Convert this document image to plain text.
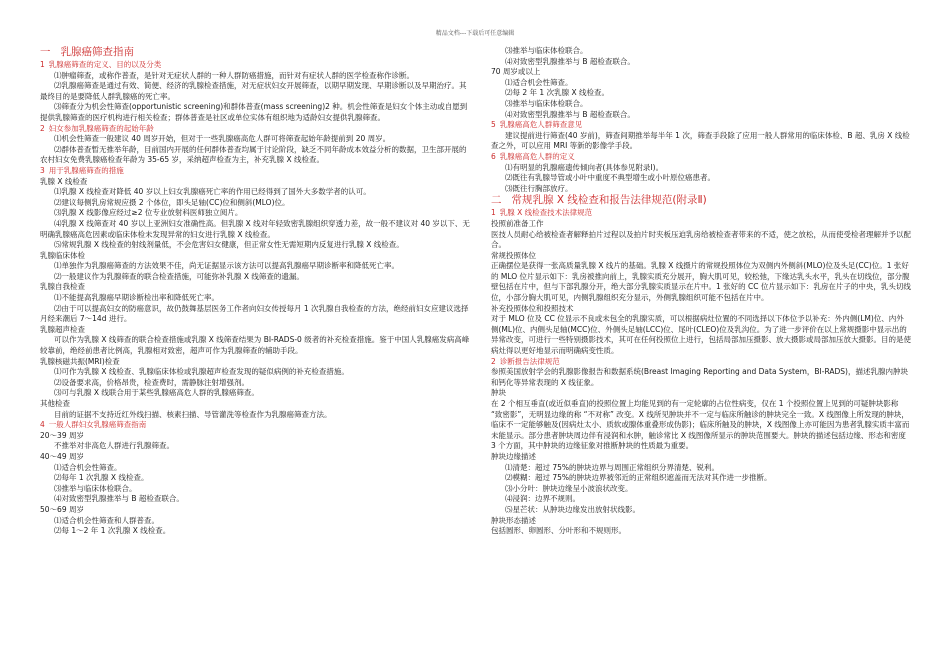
精品文档---下载后可任意编辑
一 乳腺癌筛查指南
1 乳腺癌筛查的定义、目的以及分类
⑴肿瘤筛查，或称作普查，是针对无症状人群的一种人群防癌措施，而针对有症状人群的医学检查称作诊断。
⑵乳腺癌筛查是通过有效、简便、经济的乳腺检查措施，对无症状妇女开展筛查，以期早期发现、早期诊断以及早期治疗。其最终目的是要降低人群乳腺癌的死亡率。
⑶筛查分为机会性筛查(opportunistic screening)和群体普查(mass screening)2 种。机会性筛查是妇女个体主动或自愿到提供乳腺筛查的医疗机构进行相关检查；群体普查是社区或单位实体有组织地为适龄妇女提供乳腺筛查。
2 妇女参加乳腺癌筛查的起始年龄
⑴机会性筛查一般建议 40 周岁开始，但对于一些乳腺癌高危人群可将筛查起始年龄提前到 20 周岁。
⑵群体普查暂无推举年龄，目前国内开展的任何群体普查均属于讨论阶段，缺乏不同年龄成本效益分析的数据，卫生部开展的农村妇女免费乳腺癌检查年龄为 35-65 岁，采纳超声检查为主，补充乳腺 X 线检查。
3 用于乳腺癌筛查的措施
乳腺 X 线检查
⑴乳腺 X 线检查对降低 40 岁以上妇女乳腺癌死亡率的作用已经得到了国外大多数学者的认可。
⑵建议每侧乳房常规应摄 2 个体位，即头足轴(CC)位和侧斜(MLO)位。
⑶乳腺 X 线影像应经过≥2 位专业放射科医师独立阅片。
⑷乳腺 X 线筛查对 40 岁以上亚洲妇女准确性高。但乳腺 X 线对年轻致密乳腺组织穿透力差，故一般不建议对 40 岁以下、无明确乳腺癌高危因素或临床体检未发现异常的妇女进行乳腺 X 线检查。
⑸常规乳腺 X 线检查的射线剂量低，不会危害妇女健康，但正常女性无需短期内反复进行乳腺 X 线检查。
乳腺临床体检
⑴单独作为乳腺癌筛查的方法效果不佳，尚无证据显示该方法可以提高乳腺癌早期诊断率和降低死亡率。
⑵一般建议作为乳腺筛查的联合检查措施，可能弥补乳腺 X 线筛查的遗漏。
乳腺自我检查
⑴不能提高乳腺癌早期诊断检出率和降低死亡率。
⑵由于可以提高妇女的防癌意识，故仍鼓舞基层医务工作者向妇女传授每月 1 次乳腺自我检查的方法，绝经前妇女应建议选择月经来潮后 7～14d 进行。
乳腺超声检查
可以作为乳腺 X 线筛查的联合检查措施或乳腺 X 线筛查结果为 BI-RADS-0 级者的补充检查措施。鉴于中国人乳腺癌发病高峰较靠前，绝经前患者比例高，乳腺相对致密，超声可作为乳腺筛查的辅助手段。
乳腺核磁共振(MRI)检查
⑴可作为乳腺 X 线检查、乳腺临床体检或乳腺超声检查发现的疑似病例的补充检查措施。
⑵设备要求高，价格昂贵，检查费时，需静脉注射增强剂。
⑶可与乳腺 X 线联合用于某些乳腺癌高危人群的乳腺癌筛查。
其他检查
目前的证据不支持近红外线扫描、核素扫描、导管灌洗等检查作为乳腺癌筛查方法。
4 一般人群妇女乳腺癌筛查指南
20～39 周岁
不推举对非高危人群进行乳腺筛查。
40～49 周岁
⑴适合机会性筛查。
⑵每年 1 次乳腺 X 线检查。
⑶推举与临床体检联合。
⑷对致密型乳腺推举与 B 超检查联合。
50～69 周岁
⑴适合机会性筛查和人群普查。
⑵每 1～2 年 1 次乳腺 X 线检查。
⑶推举与临床体检联合。
⑷对致密型乳腺推举与 B 超检查联合。
70 周岁或以上
⑴适合机会性筛查。
⑵每 2 年 1 次乳腺 X 线检查。
⑶推举与临床体检联合。
⑷对致密型乳腺推举与 B 超检查联合。
5 乳腺癌高危人群筛查意见
建议提前进行筛查(40 岁前)，筛查间期推举每半年 1 次，筛查手段除了应用一般人群常用的临床体检、B 超、乳房 X 线检查之外，可以应用 MRI 等新的影像学手段。
6 乳腺癌高危人群的定义
⑴有明显的乳腺癌遗传倾向者(具体参见附录Ⅰ)。
⑵既往有乳腺导管或小叶中重度不典型增生或小叶原位癌患者。
⑶既往行胸部放疗。
二 常规乳腺 X 线检查和报告法律规范(附录Ⅱ)
1 乳腺 X 线检查技术法律规范
投照前准备工作
医技人员耐心给被检查者解释拍片过程以及拍片时夹板压迫乳房给被检查者带来的不适，使之放松，从而使受检者理解并予以配合。
常规投照体位
正确摆位是获得一张高质量乳腺 X 线片的基础。乳腺 X 线摄片的常规投照体位为双侧内外侧斜(MLO)位及头足(CC)位。1 张好的 MLO 位片显示如下：乳房被推向前上，乳腺实质充分展开，胸大肌可见，较松弛，下缘达乳头水平，乳头在切线位，部分腹壁包括在片中，但与下部乳腺分开，绝大部分乳腺实质显示在片中。1 张好的 CC 位片显示如下：乳房在片子的中央，乳头切线位，小部分胸大肌可见，内侧乳腺组织充分显示，外侧乳腺组织可能不包括在片中。
补充投照体位和投照技术
对于 MLO 位及 CC 位显示不良或未包全的乳腺实质，可以根据病灶位置的不同选择以下体位予以补充：外内侧(LM)位、内外侧(ML)位、内侧头足轴(MCC)位、外侧头足轴(LCC)位、尾叶(CLEO)位及乳沟位。为了进一步评价在以上常规摄影中显示出的异常改变，可进行一些特别摄影技术，其可在任何投照位上进行，包括局部加压摄影、放大摄影或局部加压放大摄影。目的是使病灶得以更好地显示而明确病变性质。
2 诊断报告法律规范
参照美国放射学会的乳腺影像报告和数据系统(Breast Imaging Reporting and Data System，BI-RADS)，描述乳腺内肿块和钙化等异常表现的 X 线征象。
肿块
在 2 个相互垂直(或近似垂直)的投照位置上均能见到的有一定轮廓的占位性病变，仅在 1 个投照位置上见到的可疑肿块影称 “致密影”，无明显边缘的称 “不对称” 改变。X 线所见肿块并不一定与临床所触诊的肿块完全一致。X 线图像上所发现的肿块，临床不一定能够触及(因病灶太小、质软或腺体重叠形成伪影)；临床所触及的肿块，X 线图像上亦可能因为患者乳腺实质丰富而未能显示。部分患者肿块周边伴有浸润和水肿，触诊常比 X 线图像所显示的肿块范围要大。肿块的描述包括边缘、形态和密度 3 个方面，其中肿块的边缘征象对推断肿块的性质最为重要。
肿块边缘描述
⑴清楚：超过 75%的肿块边界与周围正常组织分界清楚、锐利。
⑵模糊：超过 75%的肿块边界被邻近的正常组织遮盖而无法对其作进一步推断。
⑶小分叶：肿块边缘呈小波浪状改变。
⑷浸润：边界不规则。
⑸星芒状：从肿块边缘发出放射状线影。
肿块形态描述
包括圆形、卵圆形、分叶形和不规则形。
